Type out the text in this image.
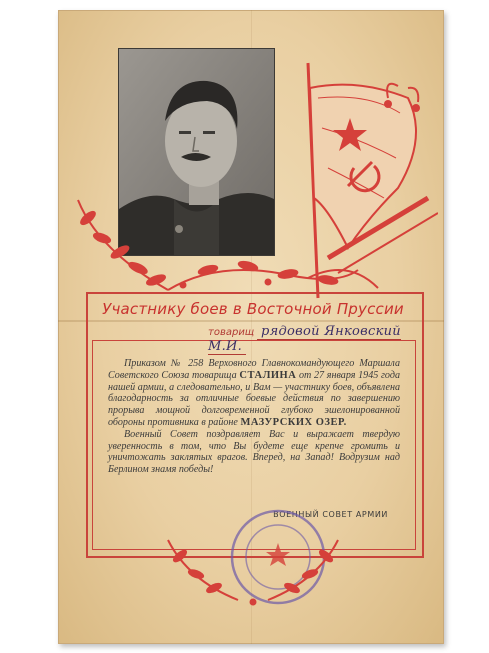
Участнику боев в Восточной Пруссии
товарищ рядовой Янковский М.И.

Приказом № 258 Верховного Главнокомандующего Маршала Советского Союза товарища СТАЛИНА от 27 января 1945 года нашей армии, а следовательно, и Вам — участнику боев, объявлена благодарность за отличные боевые действия по завершению прорыва мощной долговременной глубоко эшелонированной обороны противника в районе МАЗУРСКИХ ОЗЕР.

Военный Совет поздравляет Вас и выражает твердую уверенность в том, что Вы будете еще крепче громить и уничтожать заклятых врагов. Вперед, на Запад! Водрузим над Берлином знамя победы!

ВОЕННЫЙ СОВЕТ АРМИИ
